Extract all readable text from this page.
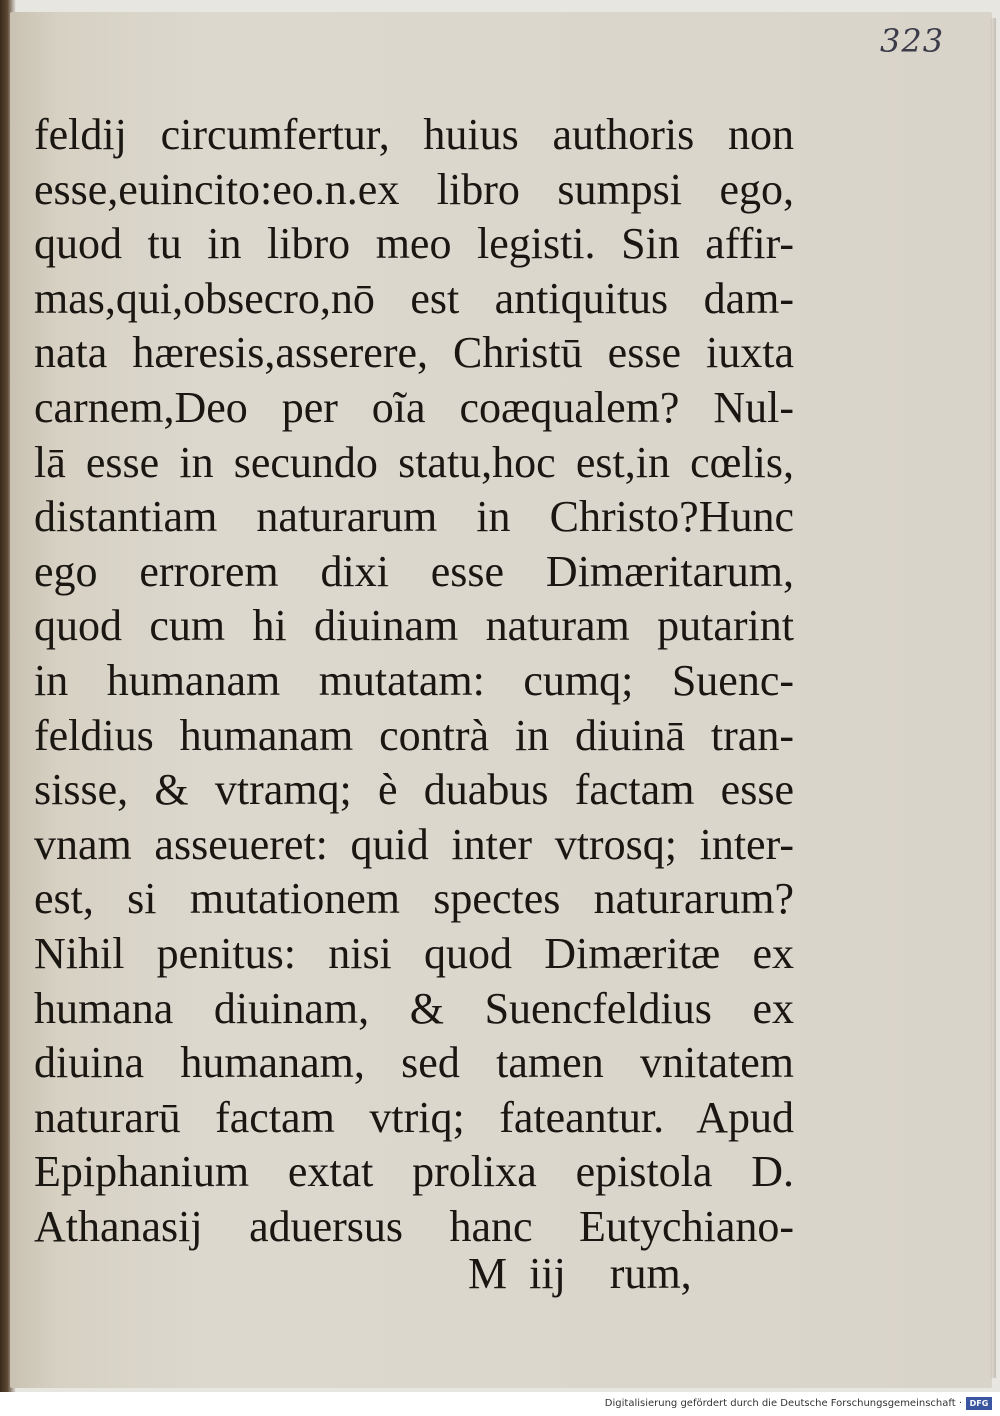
323
feldij circumfertur, huius authoris non
esse,euincito:eo.n.ex libro sumpsi ego,
quod tu in libro meo legisti. Sin affir-
mas,qui,obsecro,nō est antiquitus dam-
nata hæresis,asserere, Christū esse iuxta
carnem,Deo per oĩa coæqualem? Nul-
lā esse in secundo statu,hoc est,in cœlis,
distantiam naturarum in Christo?Hunc
ego errorem dixi esse Dimæritarum,
quod cum hi diuinam naturam putarint
in humanam mutatam: cumq; Suenc-
feldius humanam contrà in diuinā tran-
sisse, & vtramq; è duabus factam esse
vnam asseueret: quid inter vtrosq; inter-
est, si mutationem spectes naturarum?
Nihil penitus: nisi quod Dimæritæ ex
humana diuinam, & Suencfeldius ex
diuina humanam, sed tamen vnitatem
naturarū factam vtriq; fateantur. Apud
Epiphanium extat prolixa epistola D.
Athanasij aduersus hanc Eutychiano-
M  iij    rum,
Digitalisierung gefördert durch die Deutsche Forschungsgemeinschaft · DFG
